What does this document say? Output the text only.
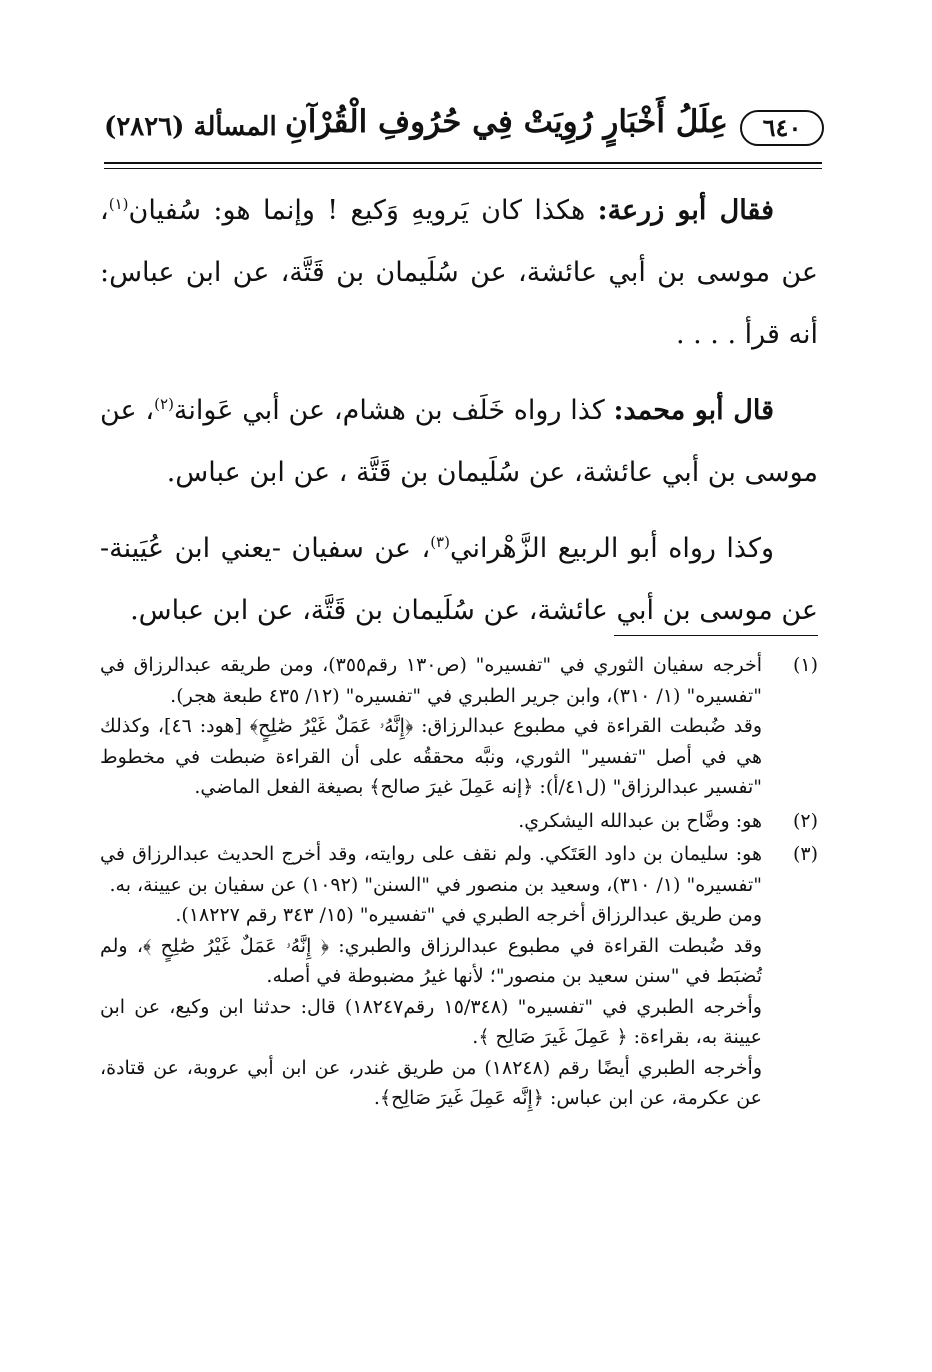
٦٤٠
عِلَلُ أَخْبَارٍ رُوِيَتْ فِي حُرُوفِ الْقُرْآنِ
المسألة (٢٨٢٦)

فقال أبو زرعة: هكذا كان يَرويهِ وَكيع ! وإنما هو: سُفيان$^{(١)}$، عن موسى بن أبي عائشة، عن سُلَيمان بن قَتَّة، عن ابن عباس: أنه قرأ . . . .

قال أبو محمد: كذا رواه خَلَف بن هشام، عن أبي عَوانة$^{(٢)}$، عن موسى بن أبي عائشة، عن سُلَيمان بن قَتَّة ، عن ابن عباس.

وكذا رواه أبو الربيع الزَّهْراني$^{(٣)}$، عن سفيان -يعني ابن عُيَينة- عن موسى بن أبي عائشة، عن سُلَيمان بن قَتَّة، عن ابن عباس.

(١)
أخرجه سفيان الثوري في "تفسيره" (ص١٣٠ رقم٣٥٥)، ومن طريقه عبدالرزاق في "تفسيره" (١/ ٣١٠)، وابن جرير الطبري في "تفسيره" (١٢/ ٤٣٥ طبعة هجر).
وقد ضُبطت القراءة في مطبوع عبدالرزاق: ﴿إِنَّهُۥ عَمَلٌ غَيْرُ صَٰلِحٍ﴾ [هود: ٤٦]، وكذلك هي في أصل "تفسير" الثوري، ونبَّه محققُه على أن القراءة ضبطت في مخطوط "تفسير عبدالرزاق" (ل٤١/أ): ﴿إنه عَمِلَ غيرَ صالح﴾ بصيغة الفعل الماضي.
(٢)
هو: وضَّاح بن عبدالله اليشكري.
(٣)
هو: سليمان بن داود العَتَكي. ولم نقف على روايته، وقد أخرج الحديث عبدالرزاق في "تفسيره" (١/ ٣١٠)، وسعيد بن منصور في "السنن" (١٠٩٢) عن سفيان بن عيينة، به.
ومن طريق عبدالرزاق أخرجه الطبري في "تفسيره" (١٥/ ٣٤٣ رقم ١٨٢٢٧).
وقد ضُبطت القراءة في مطبوع عبدالرزاق والطبري: ﴿ إِنَّهُۥ عَمَلٌ غَيْرُ صَٰلِحٍ ﴾، ولم تُضبَط في "سنن سعيد بن منصور"؛ لأنها غيرُ مضبوطة في أصله.
وأخرجه الطبري في "تفسيره" (١٥/٣٤٨ رقم١٨٢٤٧) قال: حدثنا ابن وكيع، عن ابن عيينة به، بقراءة: ﴿ عَمِلَ غَيرَ صَالِح ﴾.
وأخرجه الطبري أيضًا رقم (١٨٢٤٨) من طريق غندر، عن ابن أبي عروبة، عن قتادة، عن عكرمة، عن ابن عباس: ﴿إِنَّه عَمِلَ غَيرَ صَالِح﴾.
